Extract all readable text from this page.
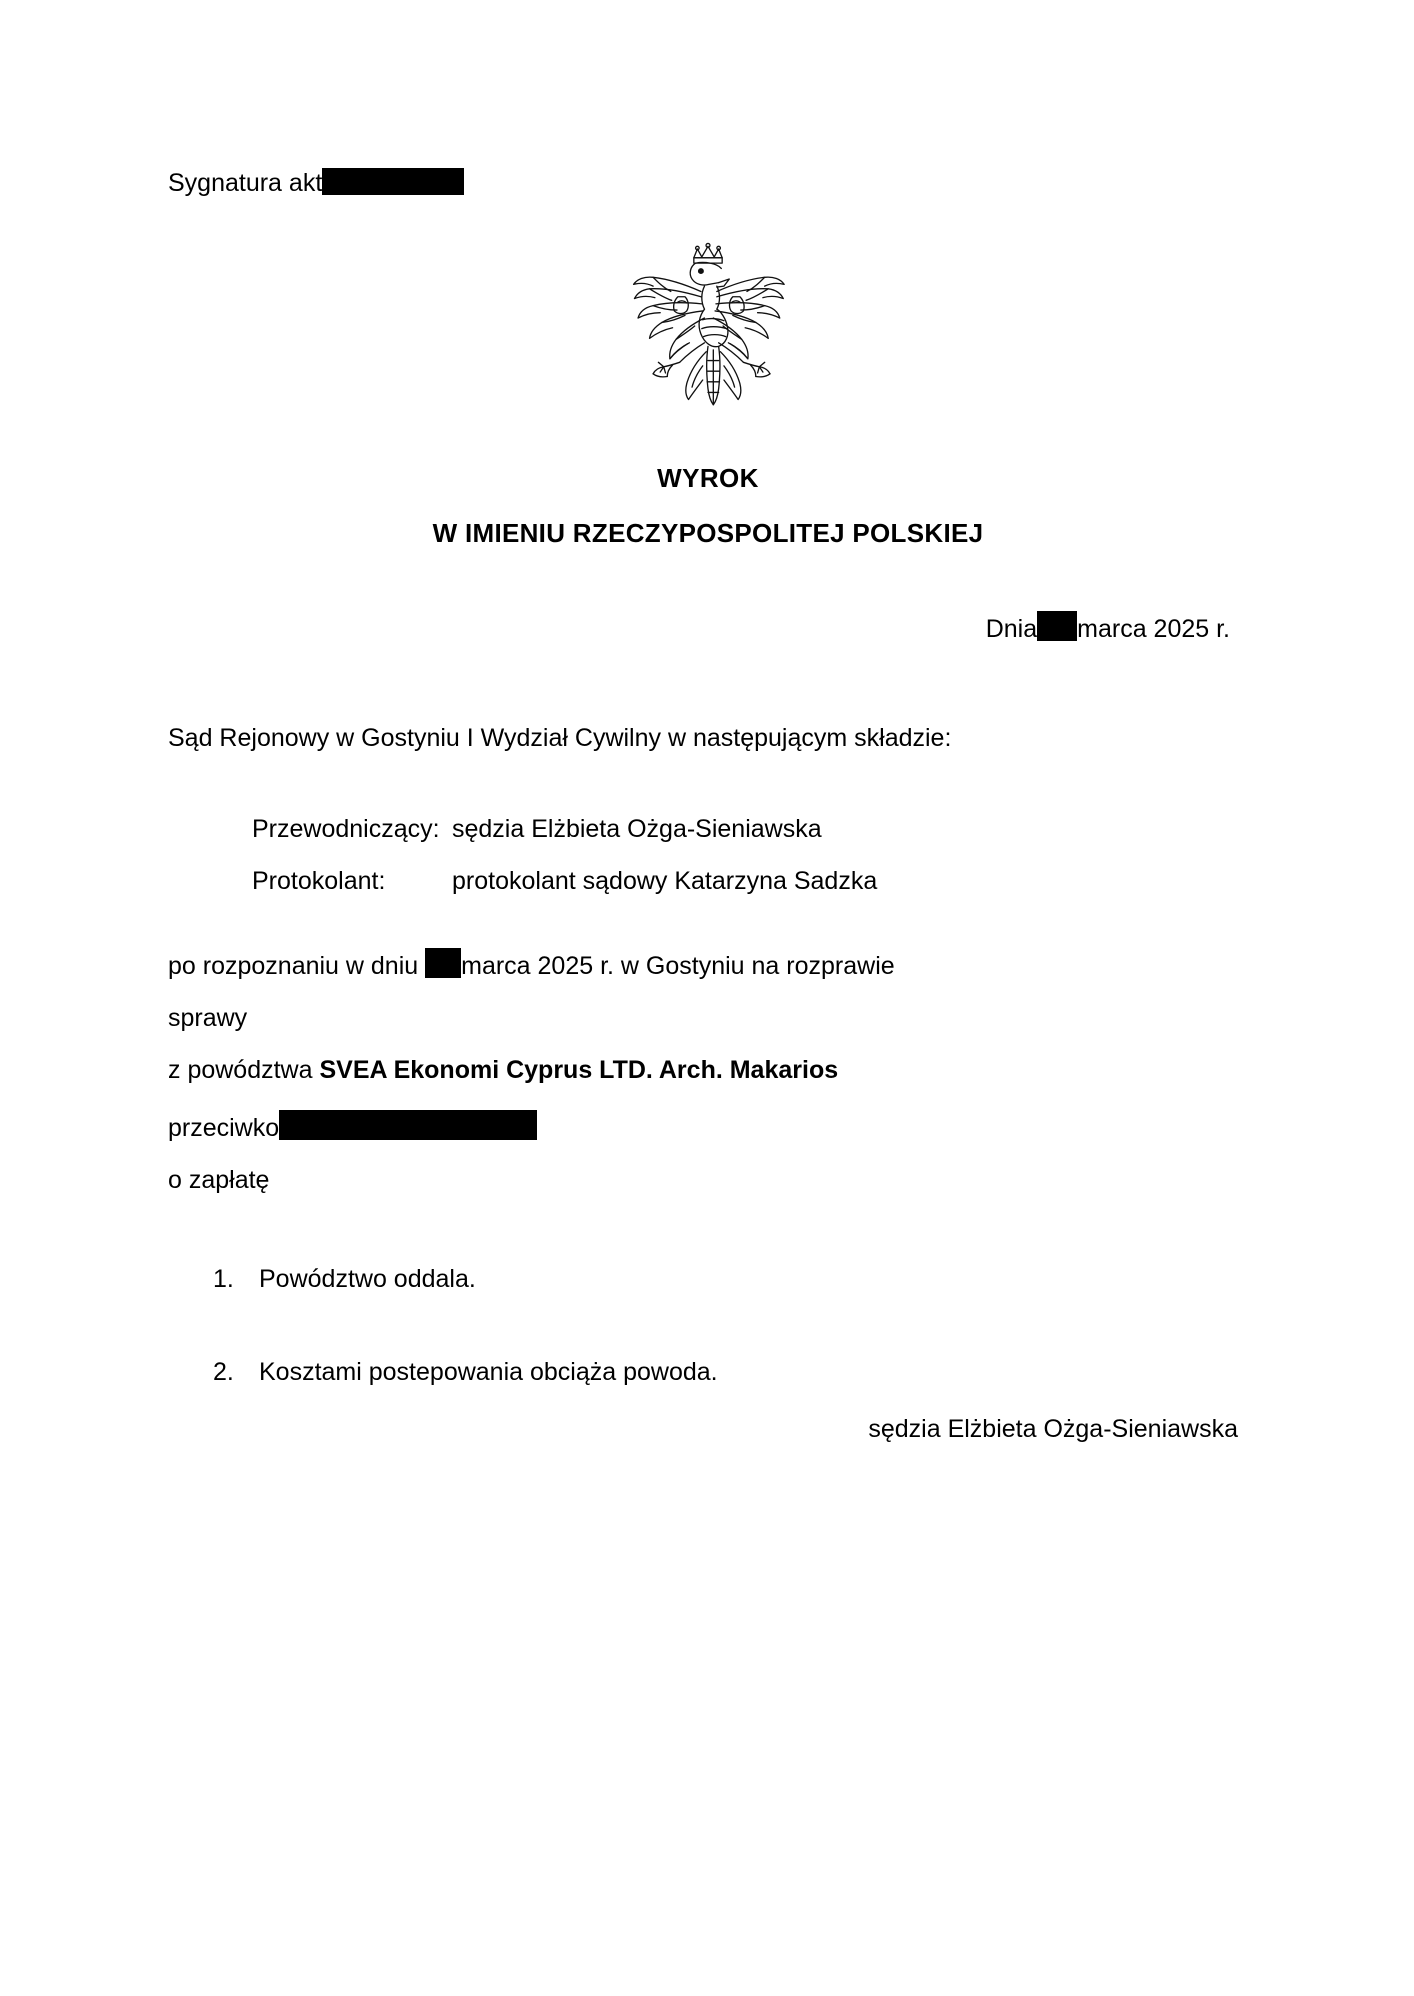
Sygnatura akt
WYROK
W IMIENIU RZECZYPOSPOLITEJ POLSKIEJ
Dnia marca 2025 r.
Sąd Rejonowy w Gostyniu I Wydział Cywilny w następującym składzie:
Przewodniczący: sędzia Elżbieta Ożga-Sieniawska
Protokolant:	protokolant sądowy Katarzyna Sadzka
po rozpoznaniu w dniu marca 2025 r. w Gostyniu na rozprawie
sprawy
z powództwa SVEA Ekonomi Cyprus LTD. Arch. Makarios
przeciwko
o zapłatę
1. Powództwo oddala.
2. Kosztami postepowania obciąża powoda.
sędzia Elżbieta Ożga-Sieniawska
